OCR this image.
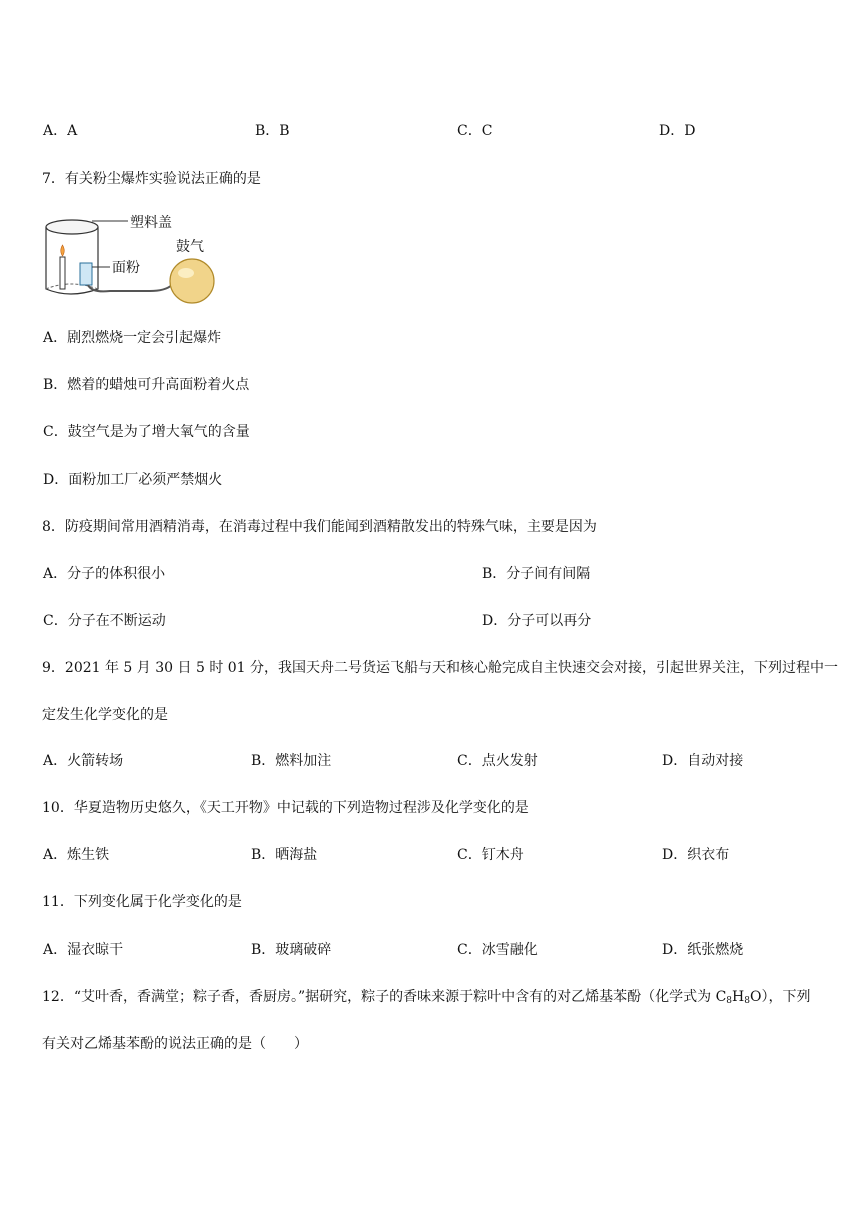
A．A	B．B	C．C	D．D
7．有关粉尘爆炸实验说法正确的是
塑料盖
面粉
鼓气
A．剧烈燃烧一定会引起爆炸
B．燃着的蜡烛可升高面粉着火点
C．鼓空气是为了增大氧气的含量
D．面粉加工厂必须严禁烟火
8．防疫期间常用酒精消毒，在消毒过程中我们能闻到酒精散发出的特殊气味，主要是因为
A．分子的体积很小	B．分子间有间隔
C．分子在不断运动	D．分子可以再分
9．2021 年 5 月 30 日 5 时 01 分，我国天舟二号货运飞船与天和核心舱完成自主快速交会对接，引起世界关注，下列过程中一
定发生化学变化的是
A．火箭转场	B．燃料加注	C．点火发射	D．自动对接
10．华夏造物历史悠久，《天工开物》中记载的下列造物过程涉及化学变化的是
A．炼生铁	B．晒海盐	C．钉木舟	D．织衣布
11．下列变化属于化学变化的是
A．湿衣晾干	B．玻璃破碎	C．冰雪融化	D．纸张燃烧
12．“艾叶香，香满堂；粽子香，香厨房。”据研究，粽子的香味来源于粽叶中含有的对乙烯基苯酚（化学式为 $C_8H_8O$），下列
有关对乙烯基苯酚的说法正确的是（　　）
